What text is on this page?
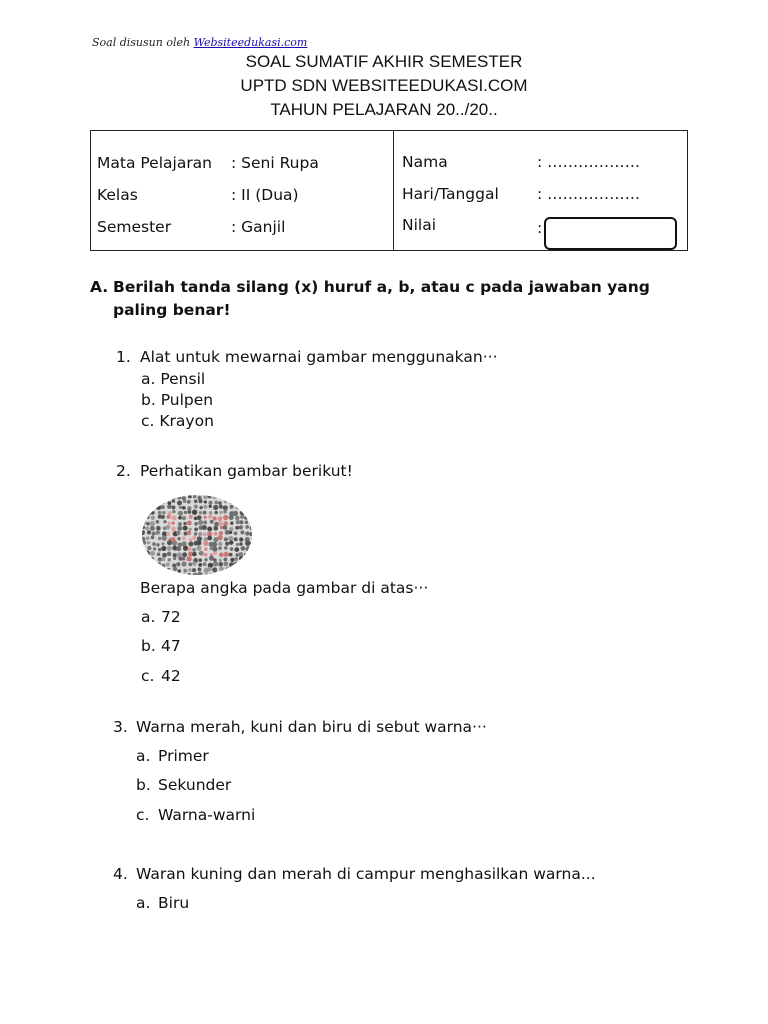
Soal disusun oleh Websiteedukasi.com
SOAL SUMATIF AKHIR SEMESTER
UPTD SDN WEBSITEEDUKASI.COM
TAHUN PELAJARAN 20../20..
Mata Pelajaran : Seni Rupa
Kelas	: II (Dua)
Semester	: Ganjil
Nama	: ………………
Hari/Tanggal : ………………
Nilai	:
A. Berilah tanda silang (x) huruf a, b, atau c pada jawaban yang paling benar!
1. Alat untuk mewarnai gambar menggunakan···
a. Pensil
b. Pulpen
c. Krayon
2. Perhatikan gambar berikut!
Berapa angka pada gambar di atas···
a. 72
b. 47
c. 42
3. Warna merah, kuni dan biru di sebut warna···
a. Primer
b. Sekunder
c. Warna-warni
4. Waran kuning dan merah di campur menghasilkan warna...
a. Biru
